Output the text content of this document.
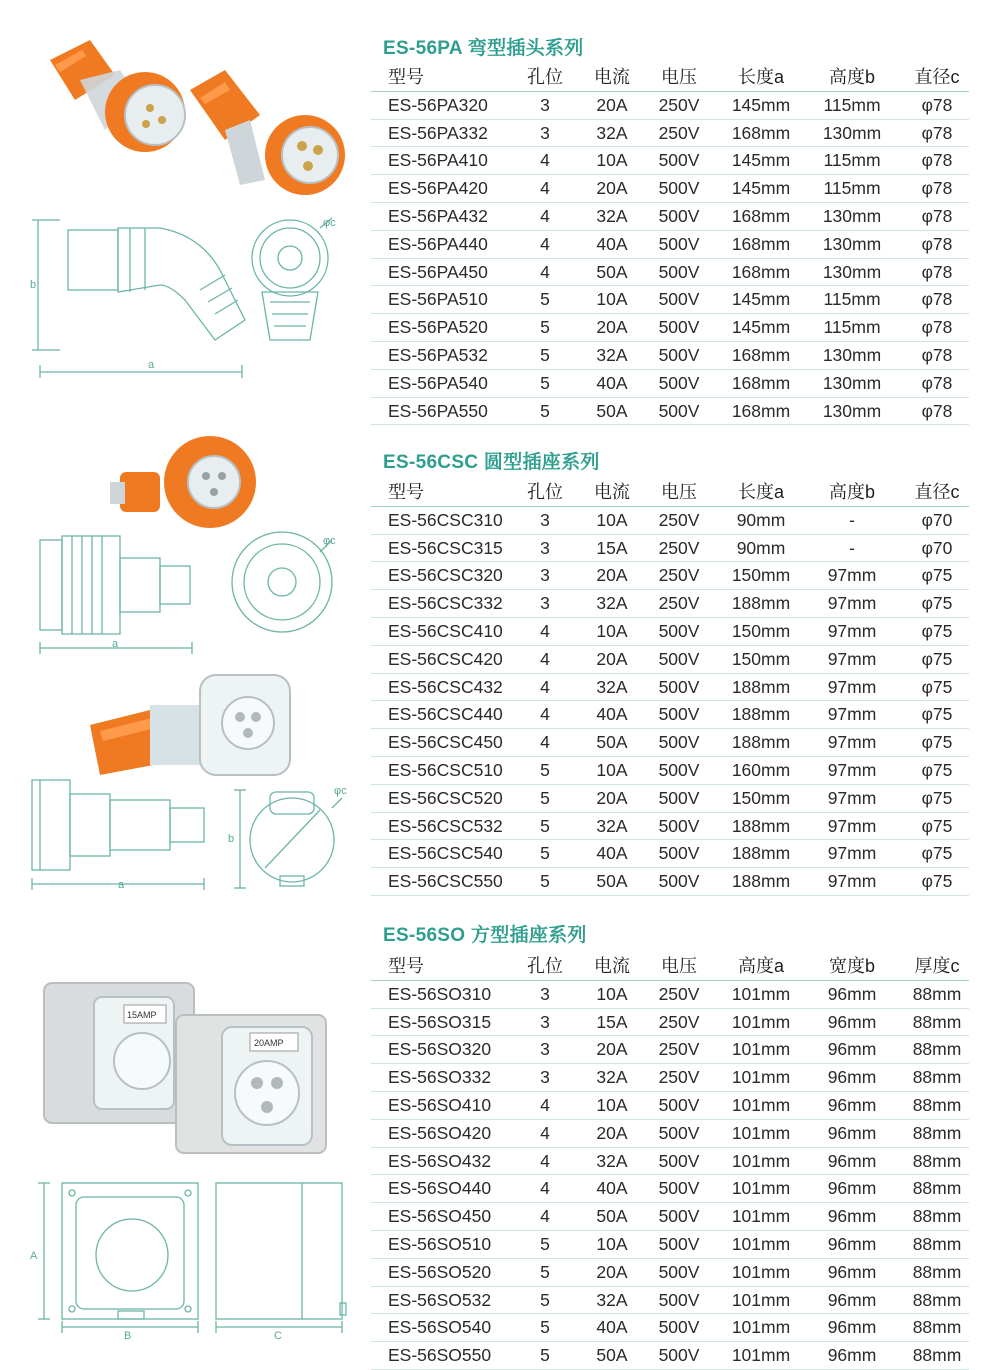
ES-56PA 弯型插头系列
ES-56CSC 圆型插座系列
ES-56SO 方型插座系列
型号	孔位 电流 电压 长度a 高度b 直径c
ES-56PA320	3	20A 250V 145mm 115mm φ78
ES-56PA332	3	32A 250V 168mm 130mm φ78
ES-56PA410	4	10A 500V 145mm 115mm φ78
ES-56PA420	4	20A 500V 145mm 115mm φ78
ES-56PA432	4	32A 500V 168mm 130mm φ78
ES-56PA440	4	40A 500V 168mm 130mm φ78
ES-56PA450	4	50A 500V 168mm 130mm φ78
ES-56PA510	5	10A 500V 145mm 115mm φ78
ES-56PA520	5	20A 500V 145mm 115mm φ78
ES-56PA532	5	32A 500V 168mm 130mm φ78
ES-56PA540	5	40A 500V 168mm 130mm φ78
ES-56PA550	5	50A 500V 168mm 130mm φ78
型号	孔位 电流 电压 长度a 高度b 直径c
ES-56CSC310 3	10A 250V 90mm	-	φ70
ES-56CSC315 3	15A 250V 90mm	-	φ70
ES-56CSC320 3	20A 250V 150mm 97mm	φ75
ES-56CSC332 3	32A 250V 188mm 97mm	φ75
ES-56CSC410 4	10A 500V 150mm 97mm	φ75
ES-56CSC420 4	20A 500V 150mm 97mm	φ75
ES-56CSC432 4	32A 500V 188mm 97mm	φ75
ES-56CSC440 4	40A 500V 188mm 97mm	φ75
ES-56CSC450 4	50A 500V 188mm 97mm	φ75
ES-56CSC510 5	10A 500V 160mm 97mm	φ75
ES-56CSC520 5	20A 500V 150mm 97mm	φ75
ES-56CSC532 5	32A 500V 188mm 97mm	φ75
ES-56CSC540 5	40A 500V 188mm 97mm	φ75
ES-56CSC550 5	50A 500V 188mm 97mm	φ75
型号	孔位 电流 电压 高度a 宽度b 厚度c
ES-56SO310	3	10A 250V 101mm 96mm 88mm
ES-56SO315	3	15A 250V 101mm 96mm 88mm
ES-56SO320	3	20A 250V 101mm 96mm 88mm
ES-56SO332	3	32A 250V 101mm 96mm 88mm
ES-56SO410	4	10A 500V 101mm 96mm 88mm
ES-56SO420	4	20A 500V 101mm 96mm 88mm
ES-56SO432	4	32A 500V 101mm 96mm 88mm
ES-56SO440	4	40A 500V 101mm 96mm 88mm
ES-56SO450	4	50A 500V 101mm 96mm 88mm
ES-56SO510	5	10A 500V 101mm 96mm 88mm
ES-56SO520	5	20A 500V 101mm 96mm 88mm
ES-56SO532	5	32A 500V 101mm 96mm 88mm
ES-56SO540	5	40A 500V 101mm 96mm 88mm
ES-56SO550	5	50A 500V 101mm 96mm 88mm
b
a
φc
a
φc
a
b
φc
15AMP
20AMP
A
B	C
